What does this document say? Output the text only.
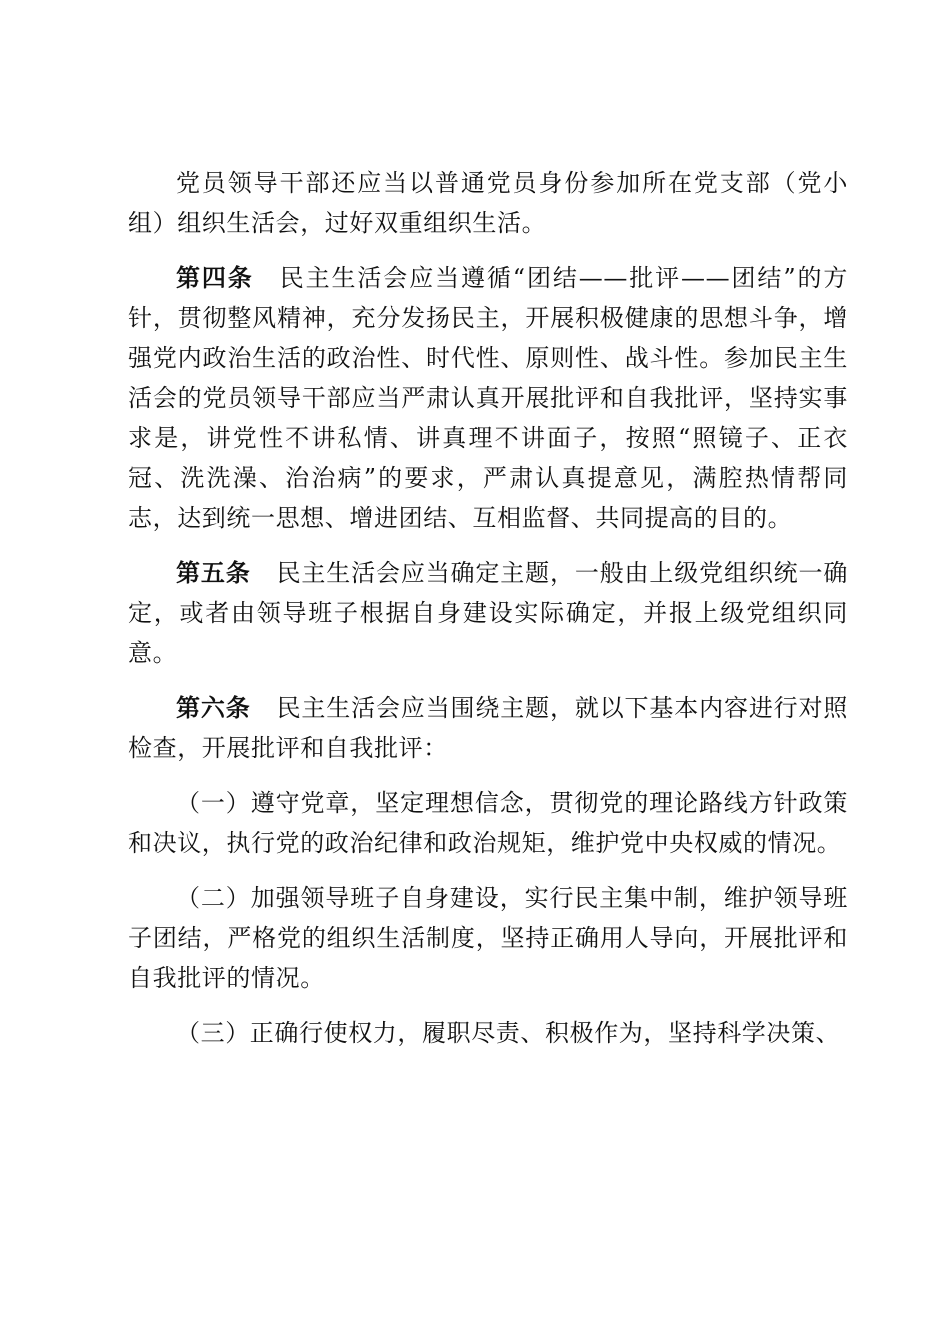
党员领导干部还应当以普通党员身份参加所在党支部（党小组）组织生活会，过好双重组织生活。

第四条 民主生活会应当遵循“团结——批评——团结”的方针，贯彻整风精神，充分发扬民主，开展积极健康的思想斗争，增强党内政治生活的政治性、时代性、原则性、战斗性。参加民主生活会的党员领导干部应当严肃认真开展批评和自我批评，坚持实事求是，讲党性不讲私情、讲真理不讲面子，按照“照镜子、正衣冠、洗洗澡、治治病”的要求，严肃认真提意见，满腔热情帮同志，达到统一思想、增进团结、互相监督、共同提高的目的。

第五条 民主生活会应当确定主题，一般由上级党组织统一确定，或者由领导班子根据自身建设实际确定，并报上级党组织同意。

第六条 民主生活会应当围绕主题，就以下基本内容进行对照检查，开展批评和自我批评：

（一）遵守党章，坚定理想信念，贯彻党的理论路线方针政策和决议，执行党的政治纪律和政治规矩，维护党中央权威的情况。

（二）加强领导班子自身建设，实行民主集中制，维护领导班子团结，严格党的组织生活制度，坚持正确用人导向，开展批评和自我批评的情况。

（三）正确行使权力，履职尽责、积极作为，坚持科学决策、
